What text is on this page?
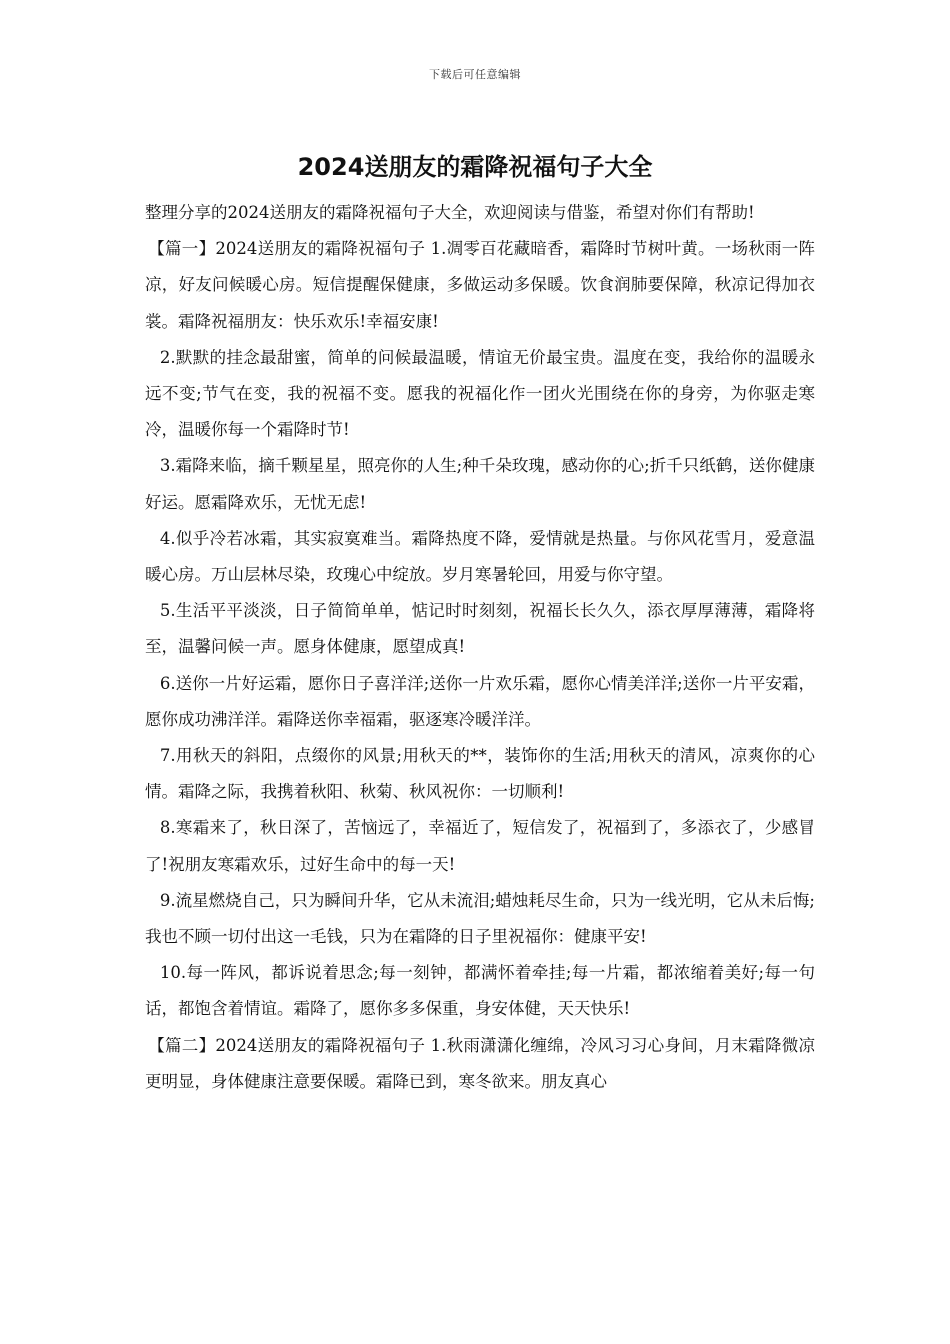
下载后可任意编辑
2024送朋友的霜降祝福句子大全

整理分享的2024送朋友的霜降祝福句子大全，欢迎阅读与借鉴，希望对你们有帮助!

【篇一】2024送朋友的霜降祝福句子 1.凋零百花藏暗香，霜降时节树叶黄。一场秋雨一阵凉，好友问候暖心房。短信提醒保健康，多做运动多保暖。饮食润肺要保障，秋凉记得加衣裳。霜降祝福朋友：快乐欢乐!幸福安康!

2.默默的挂念最甜蜜，简单的问候最温暖，情谊无价最宝贵。温度在变，我给你的温暖永远不变;节气在变，我的祝福不变。愿我的祝福化作一团火光围绕在你的身旁，为你驱走寒冷，温暖你每一个霜降时节!

3.霜降来临，摘千颗星星，照亮你的人生;种千朵玫瑰，感动你的心;折千只纸鹤，送你健康好运。愿霜降欢乐，无忧无虑!

4.似乎冷若冰霜，其实寂寞难当。霜降热度不降，爱情就是热量。与你风花雪月，爱意温暖心房。万山层林尽染，玫瑰心中绽放。岁月寒暑轮回，用爱与你守望。

5.生活平平淡淡，日子简简单单，惦记时时刻刻，祝福长长久久，添衣厚厚薄薄，霜降将至，温馨问候一声。愿身体健康，愿望成真!

6.送你一片好运霜，愿你日子喜洋洋;送你一片欢乐霜，愿你心情美洋洋;送你一片平安霜，愿你成功沸洋洋。霜降送你幸福霜，驱逐寒冷暖洋洋。

7.用秋天的斜阳，点缀你的风景;用秋天的**，装饰你的生活;用秋天的清风，凉爽你的心情。霜降之际，我携着秋阳、秋菊、秋风祝你：一切顺利!

8.寒霜来了，秋日深了，苦恼远了，幸福近了，短信发了，祝福到了，多添衣了，少感冒了!祝朋友寒霜欢乐，过好生命中的每一天!

9.流星燃烧自己，只为瞬间升华，它从未流泪;蜡烛耗尽生命，只为一线光明，它从未后悔;我也不顾一切付出这一毛钱，只为在霜降的日子里祝福你：健康平安!

10.每一阵风，都诉说着思念;每一刻钟，都满怀着牵挂;每一片霜，都浓缩着美好;每一句话，都饱含着情谊。霜降了，愿你多多保重，身安体健，天天快乐!

【篇二】2024送朋友的霜降祝福句子 1.秋雨潇潇化缠绵，冷风习习心身间，月末霜降微凉更明显，身体健康注意要保暖。霜降已到，寒冬欲来。朋友真心
